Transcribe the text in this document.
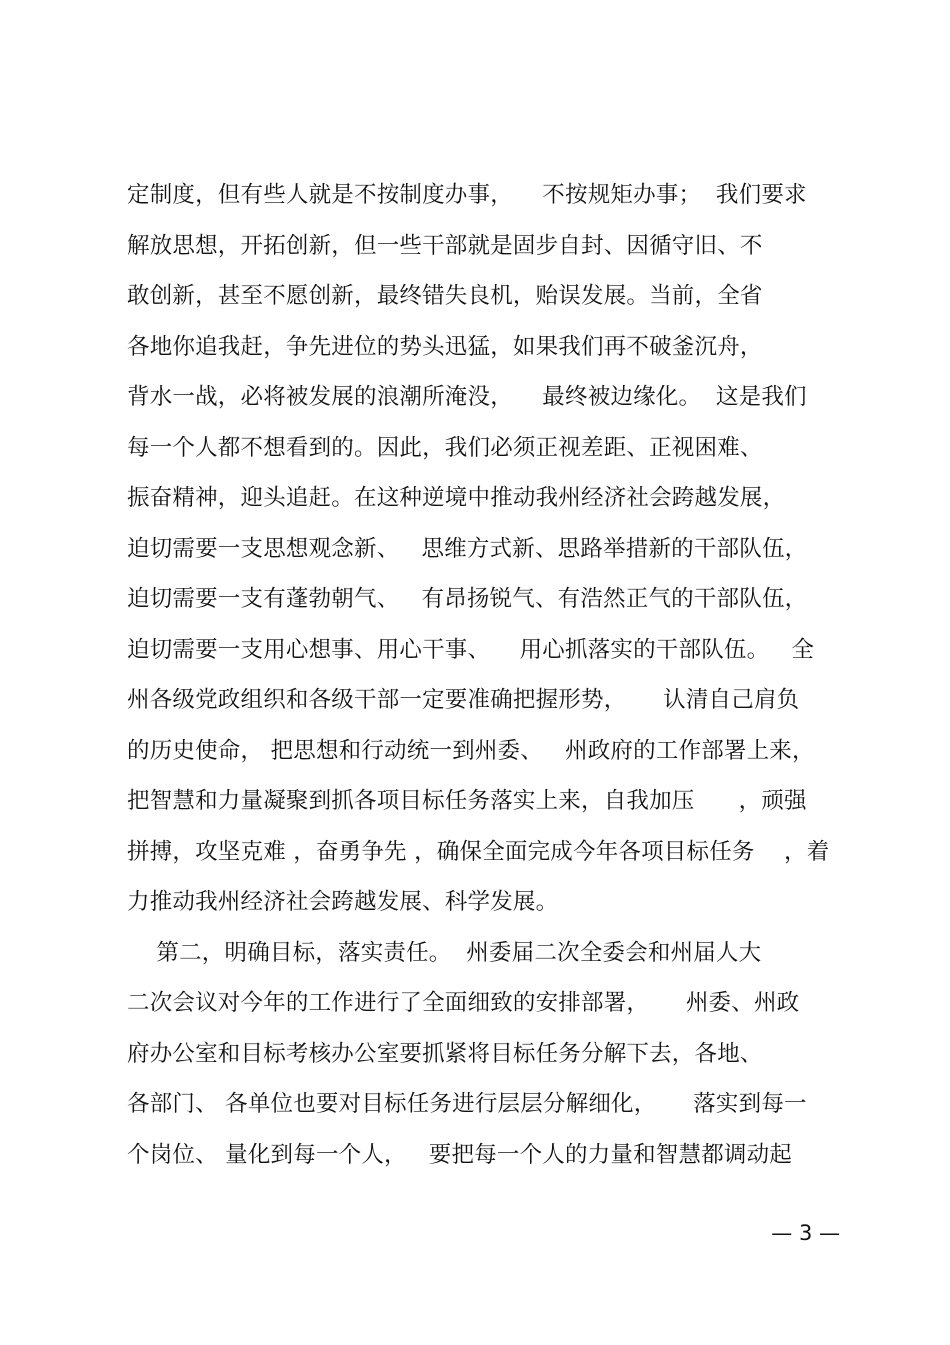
定制度，但有些人就是不按制度办事，    不按规矩办事；  我们要求
解放思想，开拓创新，但一些干部就是固步自封、因循守旧、不
敢创新，甚至不愿创新，最终错失良机，贻误发展。当前，全省
各地你追我赶，争先进位的势头迅猛，如果我们再不破釜沉舟，
背水一战，必将被发展的浪潮所淹没，    最终被边缘化。  这是我们
每一个人都不想看到的。因此，我们必须正视差距、正视困难、
振奋精神，迎头追赶。在这种逆境中推动我州经济社会跨越发展，
迫切需要一支思想观念新、   思维方式新、思路举措新的干部队伍，
迫切需要一支有蓬勃朝气、   有昂扬锐气、有浩然正气的干部队伍，
迫切需要一支用心想事、用心干事、    用心抓落实的干部队伍。   全
州各级党政组织和各级干部一定要准确把握形势，     认清自己肩负
的历史使命， 把思想和行动统一到州委、   州政府的工作部署上来，
把智慧和力量凝聚到抓各项目标任务落实上来，自我加压      ，顽强
拼搏，攻坚克难 ，奋勇争先 ，确保全面完成今年各项目标任务    ，着
力推动我州经济社会跨越发展、科学发展。
第二，明确目标，落实责任。  州委届二次全委会和州届人大
二次会议对今年的工作进行了全面细致的安排部署，     州委、州政
府办公室和目标考核办公室要抓紧将目标任务分解下去，各地、
各部门、 各单位也要对目标任务进行层层分解细化，     落实到每一
个岗位、 量化到每一个人，   要把每一个人的力量和智慧都调动起
— 3 —
